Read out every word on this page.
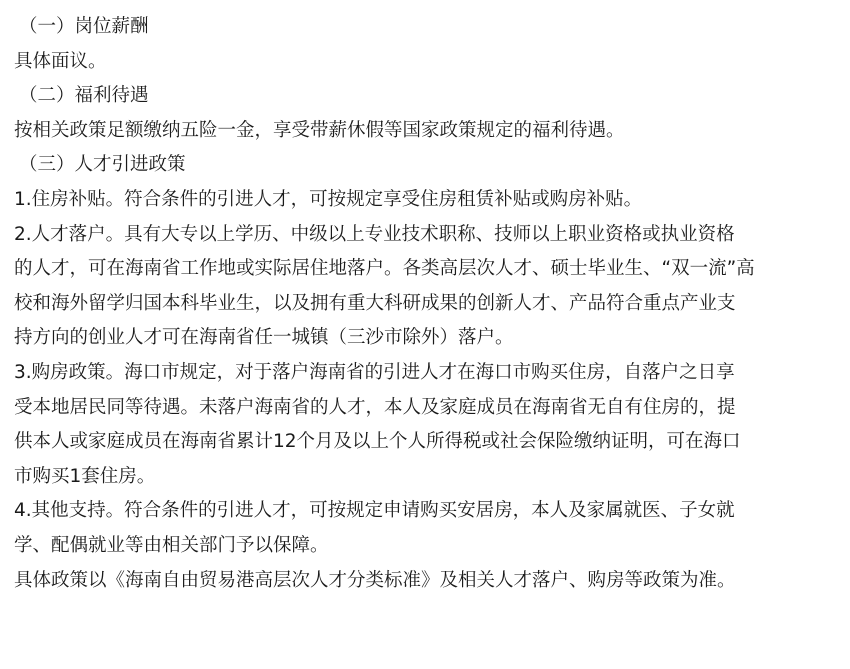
（一）岗位薪酬
具体面议。
（二）福利待遇
按相关政策足额缴纳五险一金，享受带薪休假等国家政策规定的福利待遇。
（三）人才引进政策
1.住房补贴。符合条件的引进人才，可按规定享受住房租赁补贴或购房补贴。
2.人才落户。具有大专以上学历、中级以上专业技术职称、技师以上职业资格或执业资格
的人才，可在海南省工作地或实际居住地落户。各类高层次人才、硕士毕业生、“双一流”高
校和海外留学归国本科毕业生，以及拥有重大科研成果的创新人才、产品符合重点产业支
持方向的创业人才可在海南省任一城镇（三沙市除外）落户。
3.购房政策。海口市规定，对于落户海南省的引进人才在海口市购买住房，自落户之日享
受本地居民同等待遇。未落户海南省的人才，本人及家庭成员在海南省无自有住房的，提
供本人或家庭成员在海南省累计12个月及以上个人所得税或社会保险缴纳证明，可在海口
市购买1套住房。
4.其他支持。符合条件的引进人才，可按规定申请购买安居房，本人及家属就医、子女就
学、配偶就业等由相关部门予以保障。
具体政策以《海南自由贸易港高层次人才分类标准》及相关人才落户、购房等政策为准。
